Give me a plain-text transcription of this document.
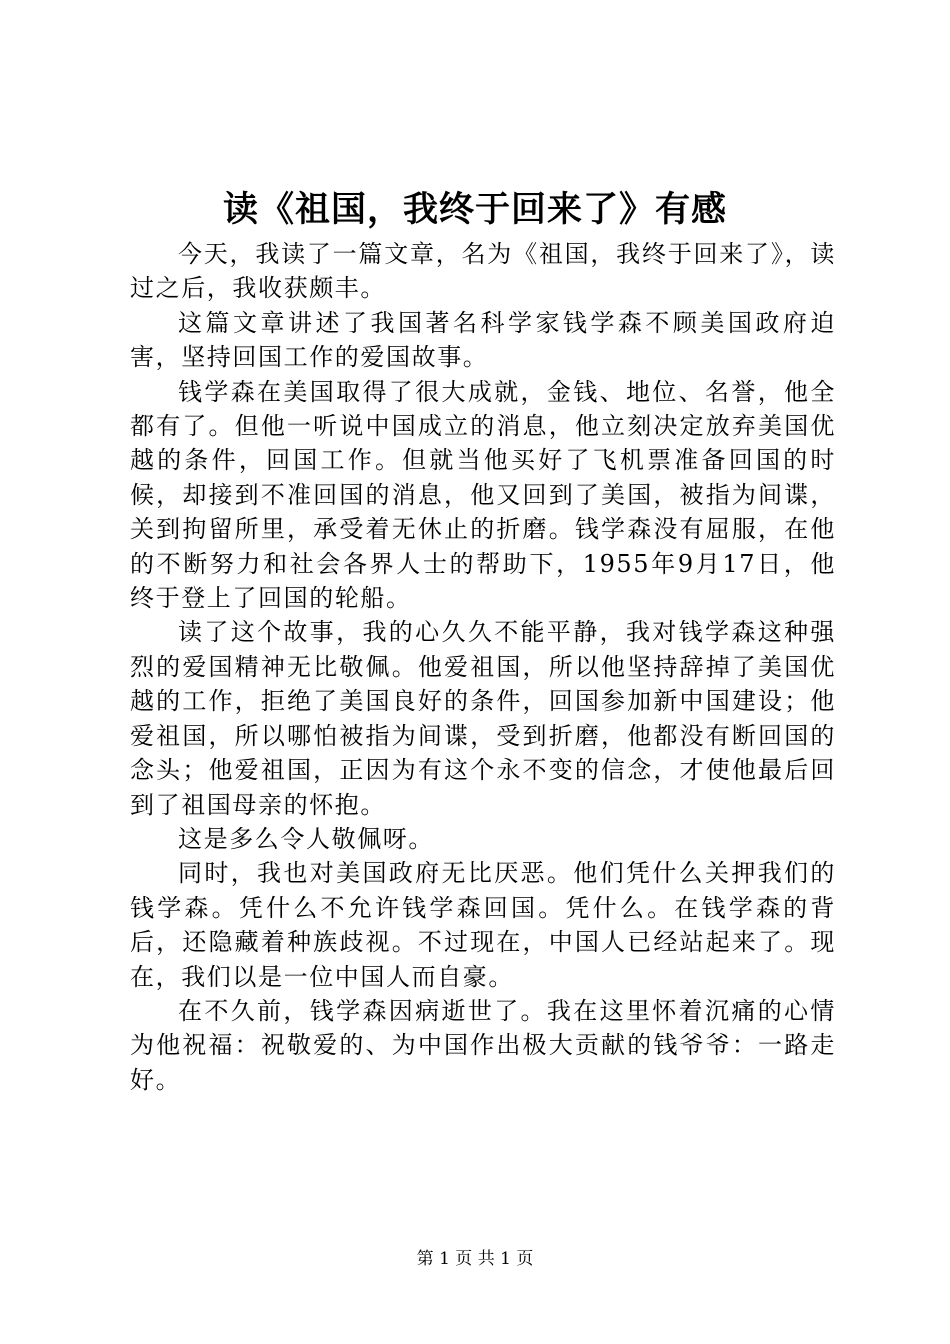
读《祖国，我终于回来了》有感

今天，我读了一篇文章，名为《祖国，我终于回来了》，读过之后，我收获颇丰。

这篇文章讲述了我国著名科学家钱学森不顾美国政府迫害，坚持回国工作的爱国故事。

钱学森在美国取得了很大成就，金钱、地位、名誉，他全都有了。但他一听说中国成立的消息，他立刻决定放弃美国优越的条件，回国工作。但就当他买好了飞机票准备回国的时候，却接到不准回国的消息，他又回到了美国，被指为间谍，关到拘留所里，承受着无休止的折磨。钱学森没有屈服，在他的不断努力和社会各界人士的帮助下，1955年9月17日，他终于登上了回国的轮船。

读了这个故事，我的心久久不能平静，我对钱学森这种强烈的爱国精神无比敬佩。他爱祖国，所以他坚持辞掉了美国优越的工作，拒绝了美国良好的条件，回国参加新中国建设；他爱祖国，所以哪怕被指为间谍，受到折磨，他都没有断回国的念头；他爱祖国，正因为有这个永不变的信念，才使他最后回到了祖国母亲的怀抱。

这是多么令人敬佩呀。

同时，我也对美国政府无比厌恶。他们凭什么关押我们的钱学森。凭什么不允许钱学森回国。凭什么。在钱学森的背后，还隐藏着种族歧视。不过现在，中国人已经站起来了。现在，我们以是一位中国人而自豪。

在不久前，钱学森因病逝世了。我在这里怀着沉痛的心情为他祝福：祝敬爱的、为中国作出极大贡献的钱爷爷：一路走好。

第 1 页 共 1 页
